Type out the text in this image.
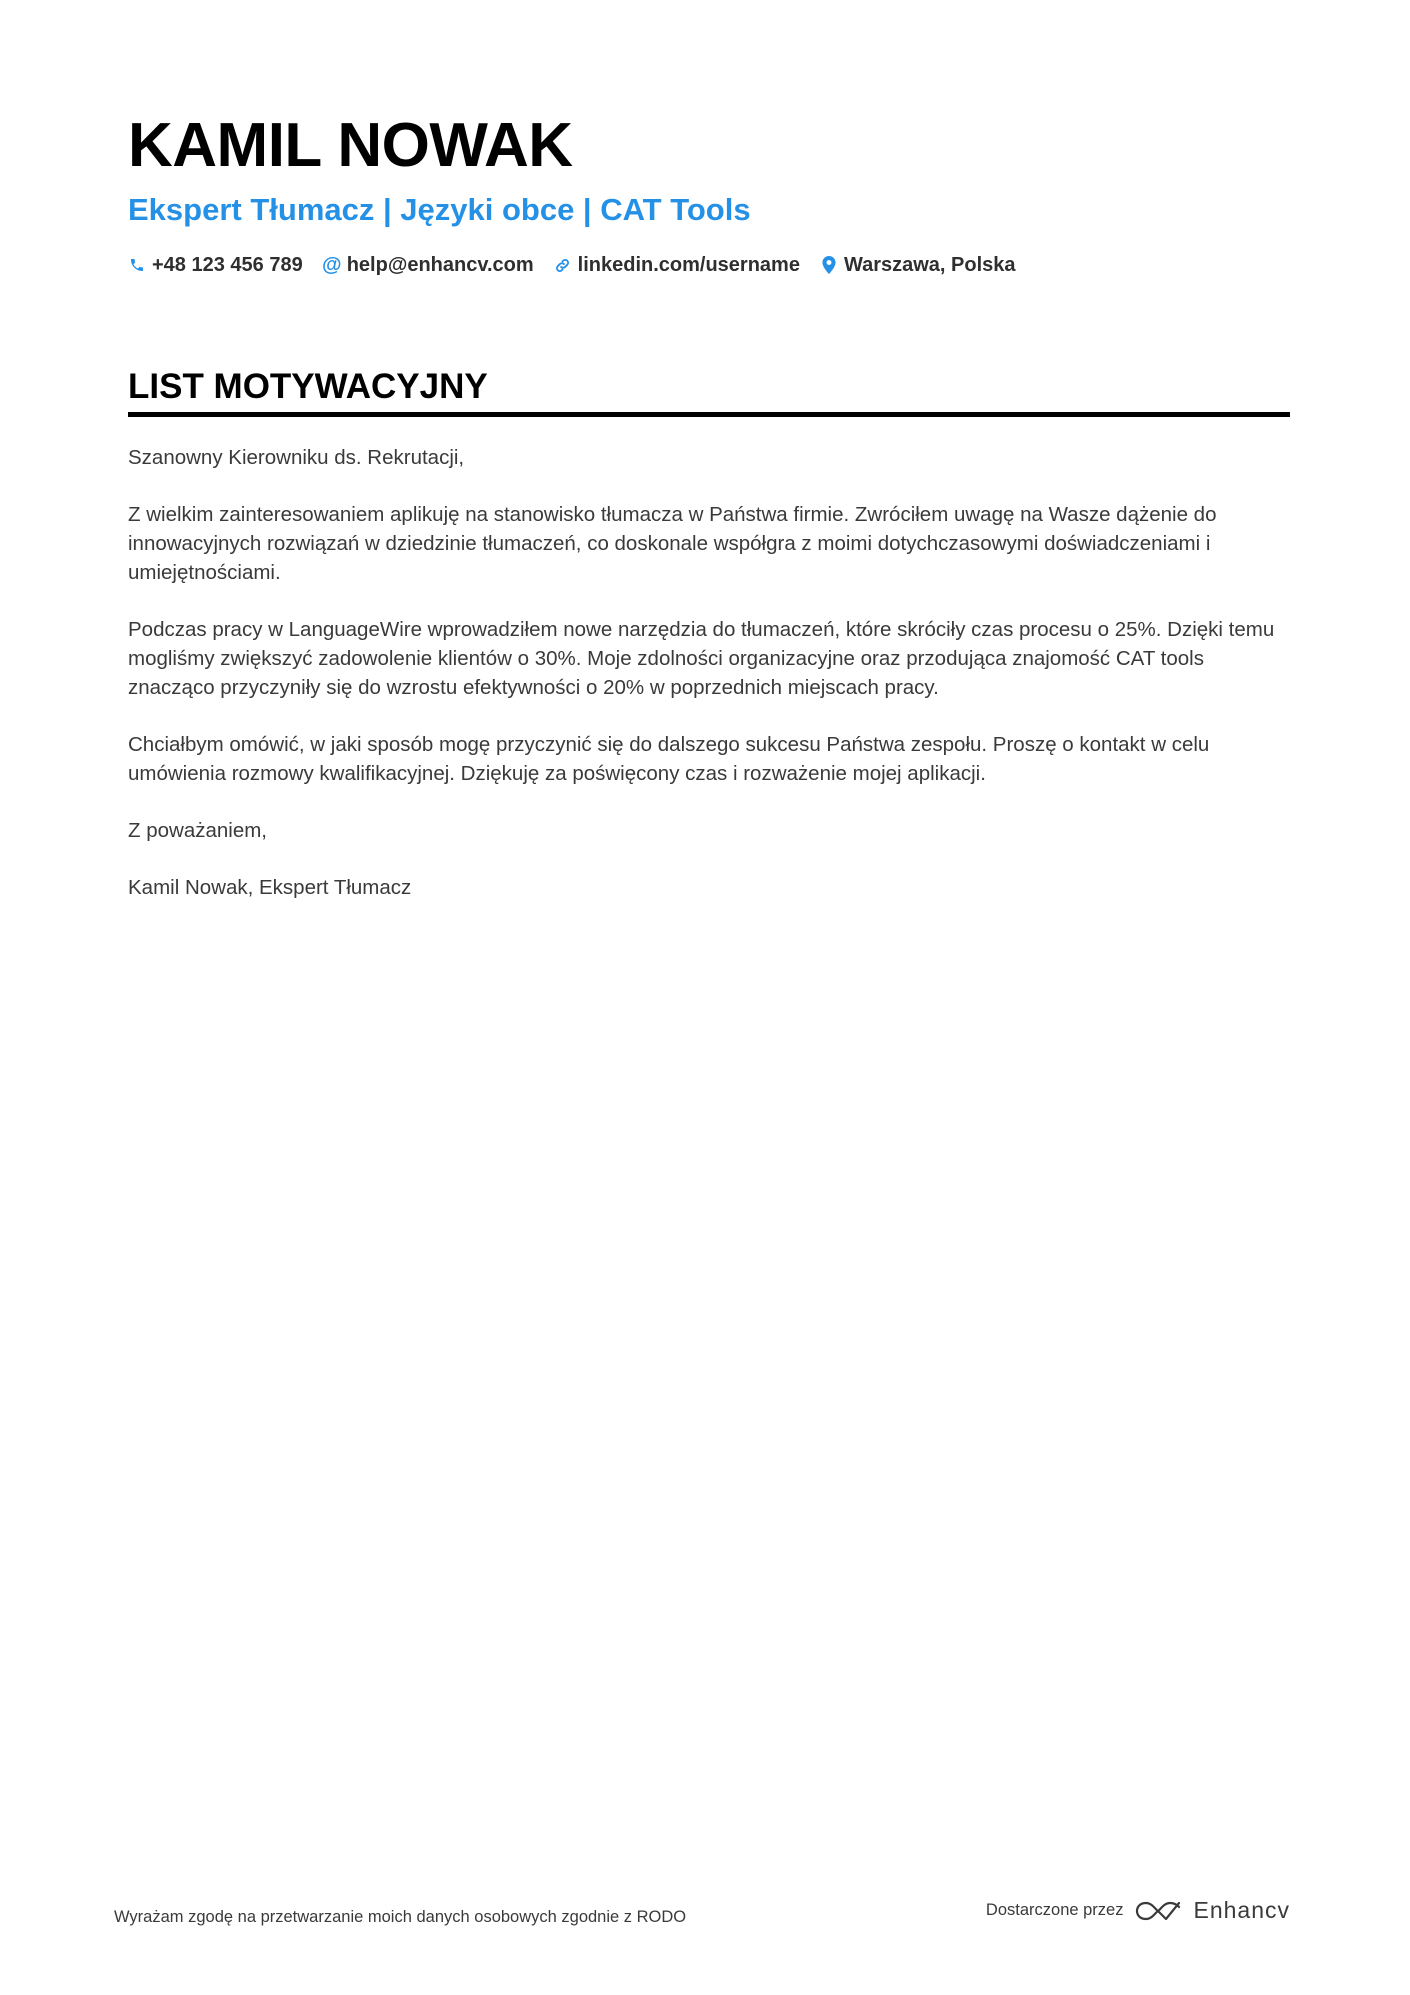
KAMIL NOWAK
Ekspert Tłumacz | Języki obce | CAT Tools
+48 123 456 789 @ help@enhancv.com linkedin.com/username Warszawa, Polska
LIST MOTYWACYJNY

Szanowny Kierowniku ds. Rekrutacji,

Z wielkim zainteresowaniem aplikuję na stanowisko tłumacza w Państwa firmie. Zwróciłem uwagę na Wasze dążenie do innowacyjnych rozwiązań w dziedzinie tłumaczeń, co doskonale współgra z moimi dotychczasowymi doświadczeniami i umiejętnościami.

Podczas pracy w LanguageWire wprowadziłem nowe narzędzia do tłumaczeń, które skróciły czas procesu o 25%. Dzięki temu mogliśmy zwiększyć zadowolenie klientów o 30%. Moje zdolności organizacyjne oraz przodująca znajomość CAT tools znacząco przyczyniły się do wzrostu efektywności o 20% w poprzednich miejscach pracy.

Chciałbym omówić, w jaki sposób mogę przyczynić się do dalszego sukcesu Państwa zespołu. Proszę o kontakt w celu umówienia rozmowy kwalifikacyjnej. Dziękuję za poświęcony czas i rozważenie mojej aplikacji.

Z poważaniem,

Kamil Nowak, Ekspert Tłumacz

Wyrażam zgodę na przetwarzanie moich danych osobowych zgodnie z RODO	Dostarczone przez	Enhancv
